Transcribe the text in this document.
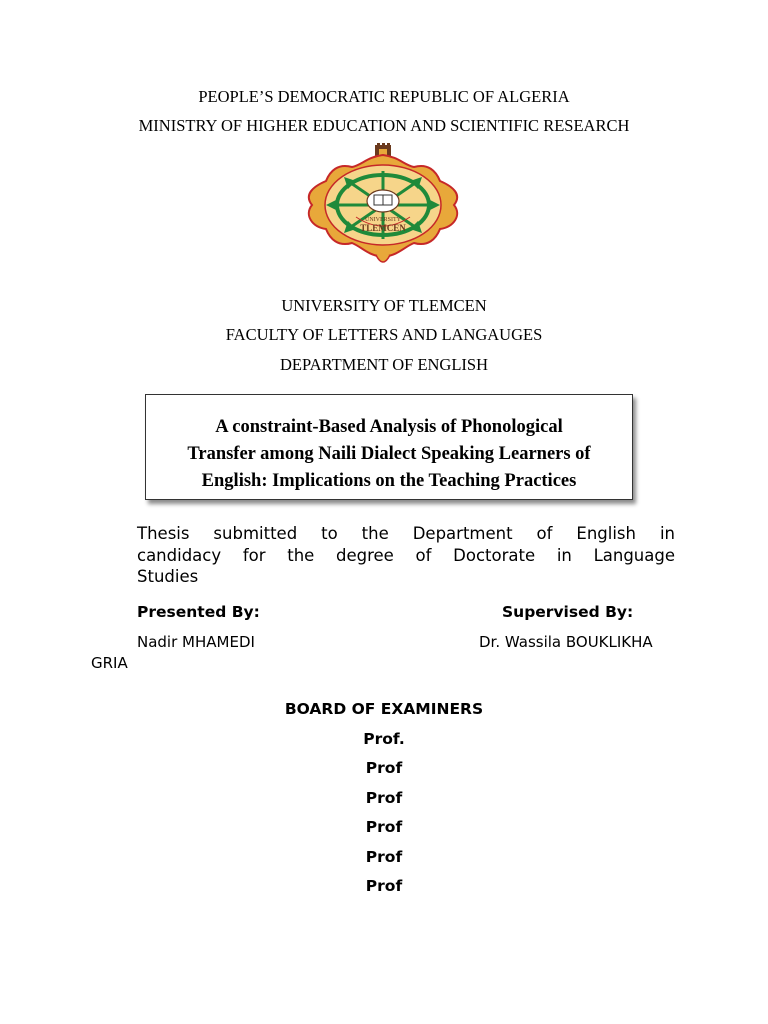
PEOPLE’S DEMOCRATIC REPUBLIC OF ALGERIA
MINISTRY OF HIGHER EDUCATION AND SCIENTIFIC RESEARCH
UNIVERSITY
TLEMCEN
UNIVERSITY OF TLEMCEN
FACULTY OF LETTERS AND LANGAUGES
DEPARTMENT OF ENGLISH
A constraint-Based Analysis of Phonological
Transfer among Naili Dialect Speaking Learners of
English: Implications on the Teaching Practices
Thesis submitted to the Department of English in
candidacy for the degree of Doctorate in Language
Studies
Presented By:	Supervised By:
Nadir MHAMEDI	Dr. Wassila BOUKLIKHA
GRIA
BOARD OF EXAMINERS
Prof.
Prof
Prof
Prof
Prof
Prof
